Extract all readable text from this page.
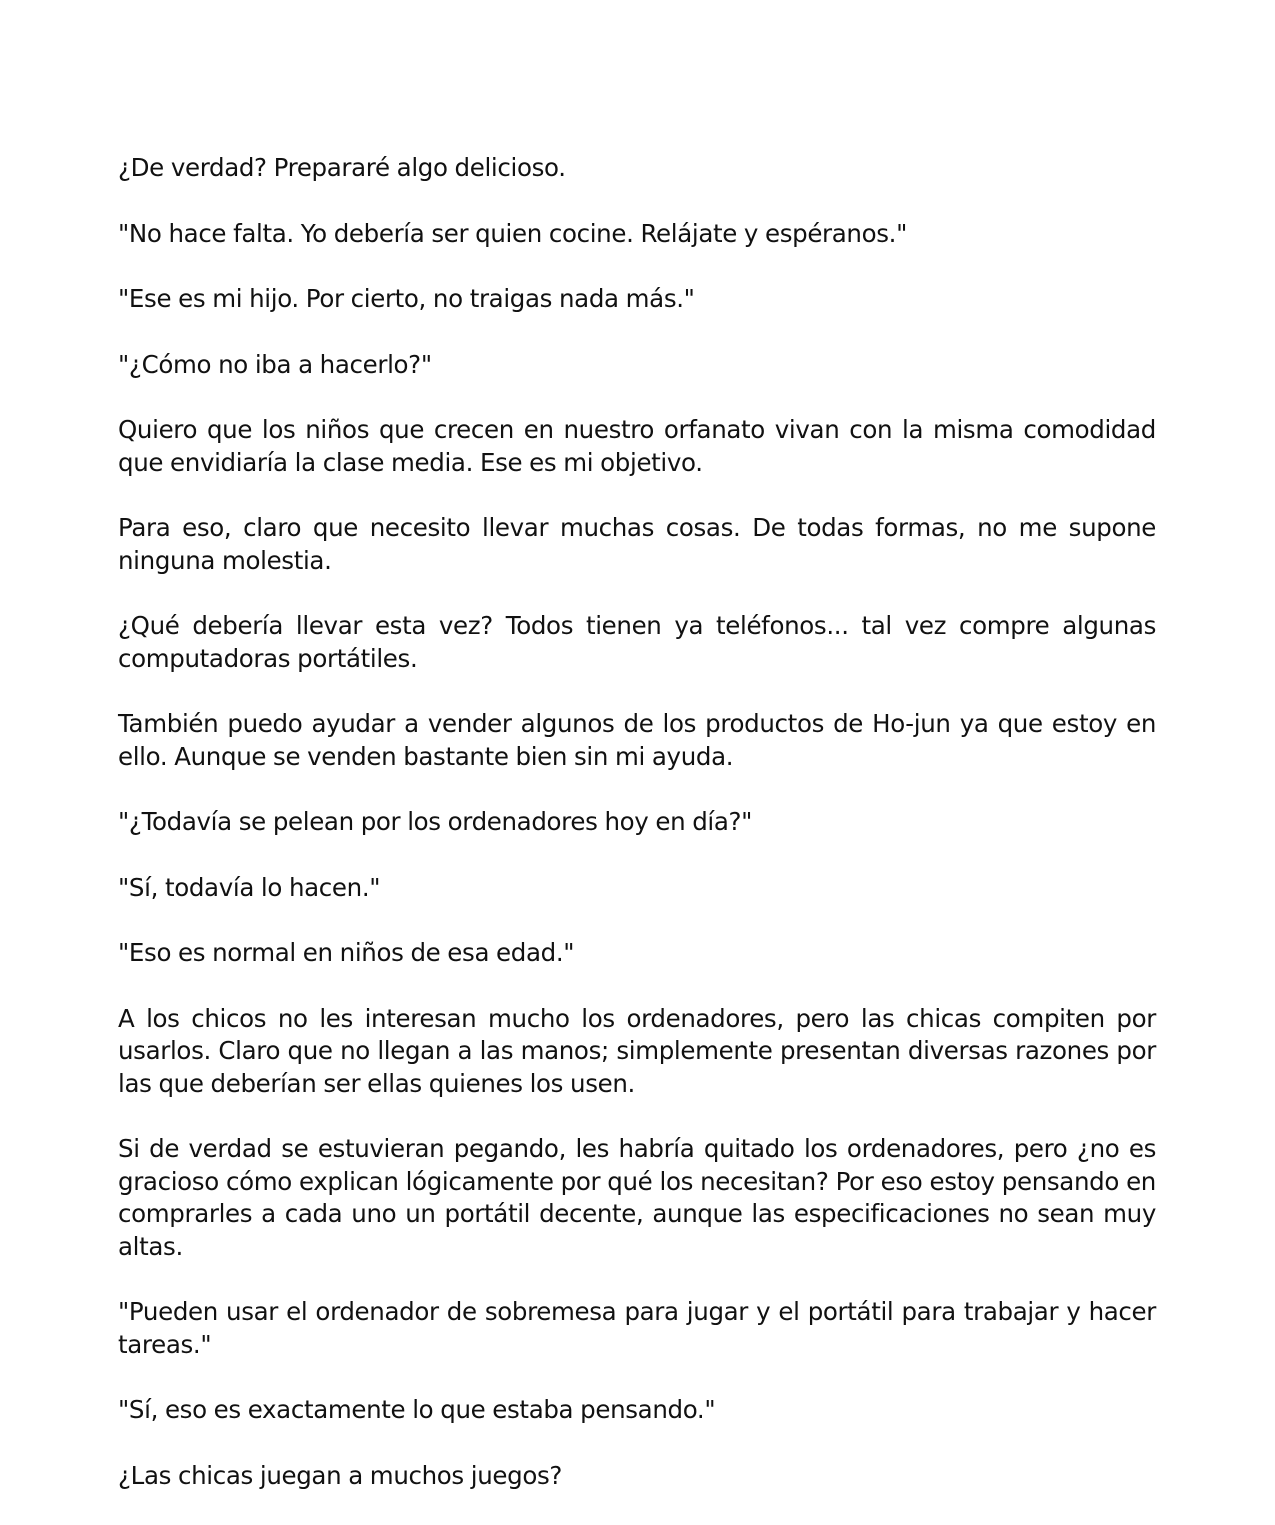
¿De verdad? Prepararé algo delicioso.

"No hace falta. Yo debería ser quien cocine. Relájate y espéranos."

"Ese es mi hijo. Por cierto, no traigas nada más."

"¿Cómo no iba a hacerlo?"

Quiero que los niños que crecen en nuestro orfanato vivan con la misma comodidad que envidiaría la clase media. Ese es mi objetivo.

Para eso, claro que necesito llevar muchas cosas. De todas formas, no me supone ninguna molestia.

¿Qué debería llevar esta vez? Todos tienen ya teléfonos... tal vez compre algunas computadoras portátiles.

También puedo ayudar a vender algunos de los productos de Ho-jun ya que estoy en ello. Aunque se venden bastante bien sin mi ayuda.

"¿Todavía se pelean por los ordenadores hoy en día?"

"Sí, todavía lo hacen."

"Eso es normal en niños de esa edad."

A los chicos no les interesan mucho los ordenadores, pero las chicas compiten por usarlos. Claro que no llegan a las manos; simplemente presentan diversas razones por las que deberían ser ellas quienes los usen.

Si de verdad se estuvieran pegando, les habría quitado los ordenadores, pero ¿no es gracioso cómo explican lógicamente por qué los necesitan? Por eso estoy pensando en comprarles a cada uno un portátil decente, aunque las especificaciones no sean muy altas.

"Pueden usar el ordenador de sobremesa para jugar y el portátil para trabajar y hacer tareas."

"Sí, eso es exactamente lo que estaba pensando."

¿Las chicas juegan a muchos juegos?
